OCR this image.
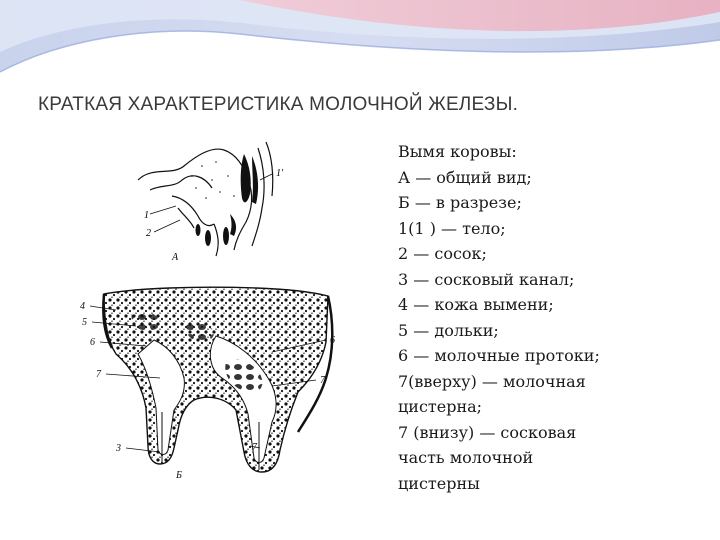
КРАТКАЯ ХАРАКТЕРИСТИКА МОЛОЧНОЙ ЖЕЛЕЗЫ.
1
1'
2
А
4
5
6
7
3
6
7
7
Б
Вымя коровы:
А — общий вид;
Б — в разрезе;
1(1 ) — тело;
2 — сосок;
3 — сосковый канал;
4 — кожа вымени;
5 — дольки;
6 — молочные протоки;
7(вверху) — молочная
цистерна;
7 (внизу) — сосковая
часть молочной
цистерны
